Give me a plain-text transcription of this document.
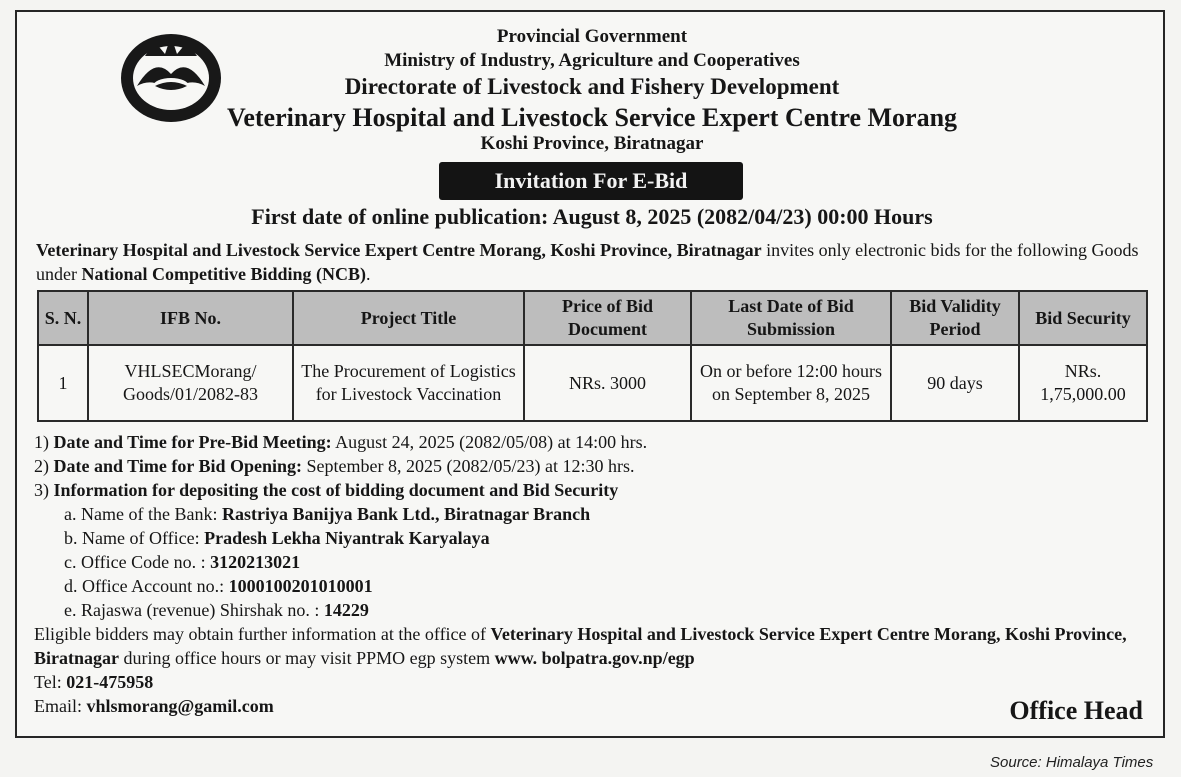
Provincial Government
Ministry of Industry, Agriculture and Cooperatives
Directorate of Livestock and Fishery Development
Veterinary Hospital and Livestock Service Expert Centre Morang
Koshi Province, Biratnagar
Invitation For E-Bid
First date of online publication: August 8, 2025 (2082/04/23) 00:00 Hours
Veterinary Hospital and Livestock Service Expert Centre Morang, Koshi Province, Biratnagar invites only electronic bids for the following Goods under National Competitive Bidding (NCB).
S. N.	IFB No.	Project Title	Price of Bid Document	Last Date of Bid Submission	Bid Validity Period	Bid Security
1	VHLSECMorang/ Goods/01/2082-83	The Procurement of Logistics for Livestock Vaccination	NRs. 3000	On or before 12:00 hours on September 8, 2025	90 days	NRs. 1,75,000.00
1) Date and Time for Pre-Bid Meeting: August 24, 2025 (2082/05/08) at 14:00 hrs.
2) Date and Time for Bid Opening: September 8, 2025 (2082/05/23) at 12:30 hrs.
3) Information for depositing the cost of bidding document and Bid Security
a. Name of the Bank: Rastriya Banijya Bank Ltd., Biratnagar Branch
b. Name of Office: Pradesh Lekha Niyantrak Karyalaya
c. Office Code no. : 3120213021
d. Office Account no.: 1000100201010001
e. Rajaswa (revenue) Shirshak no. : 14229
Eligible bidders may obtain further information at the office of Veterinary Hospital and Livestock Service Expert Centre Morang, Koshi Province, Biratnagar during office hours or may visit PPMO egp system www. bolpatra.gov.np/egp
Tel: 021-475958
Email: vhlsmorang@gamil.com	Office Head
Source: Himalaya Times
